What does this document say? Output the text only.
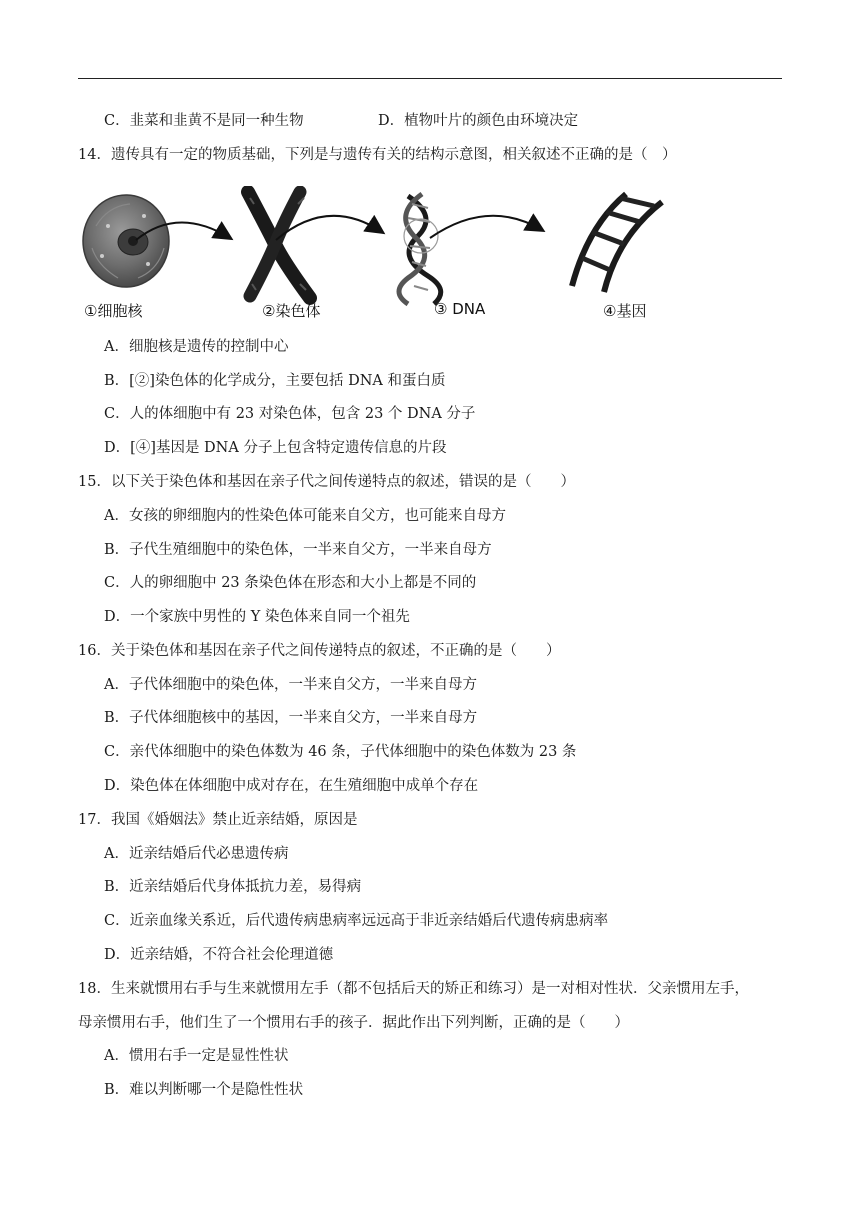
C．韭菜和韭黄不是同一种生物	D．植物叶片的颜色由环境决定
14．遗传具有一定的物质基础，下列是与遗传有关的结构示意图，相关叙述不正确的是（　）
①细胞核	②染色体	③ DNA	④基因
A．细胞核是遗传的控制中心
B．[②]染色体的化学成分，主要包括 DNA 和蛋白质
C．人的体细胞中有 23 对染色体，包含 23 个 DNA 分子
D．[④]基因是 DNA 分子上包含特定遗传信息的片段
15．以下关于染色体和基因在亲子代之间传递特点的叙述，错误的是（　　）
A．女孩的卵细胞内的性染色体可能来自父方，也可能来自母方
B．子代生殖细胞中的染色体，一半来自父方，一半来自母方
C．人的卵细胞中 23 条染色体在形态和大小上都是不同的
D．一个家族中男性的 Y 染色体来自同一个祖先
16．关于染色体和基因在亲子代之间传递特点的叙述，不正确的是（　　）
A．子代体细胞中的染色体，一半来自父方，一半来自母方
B．子代体细胞核中的基因，一半来自父方，一半来自母方
C．亲代体细胞中的染色体数为 46 条，子代体细胞中的染色体数为 23 条
D．染色体在体细胞中成对存在，在生殖细胞中成单个存在
17．我国《婚姻法》禁止近亲结婚，原因是
A．近亲结婚后代必患遗传病
B．近亲结婚后代身体抵抗力差，易得病
C．近亲血缘关系近，后代遗传病患病率远远高于非近亲结婚后代遗传病患病率
D．近亲结婚，不符合社会伦理道德
18．生来就惯用右手与生来就惯用左手（都不包括后天的矫正和练习）是一对相对性状．父亲惯用左手，
母亲惯用右手，他们生了一个惯用右手的孩子．据此作出下列判断，正确的是（　　）
A．惯用右手一定是显性性状
B．难以判断哪一个是隐性性状
